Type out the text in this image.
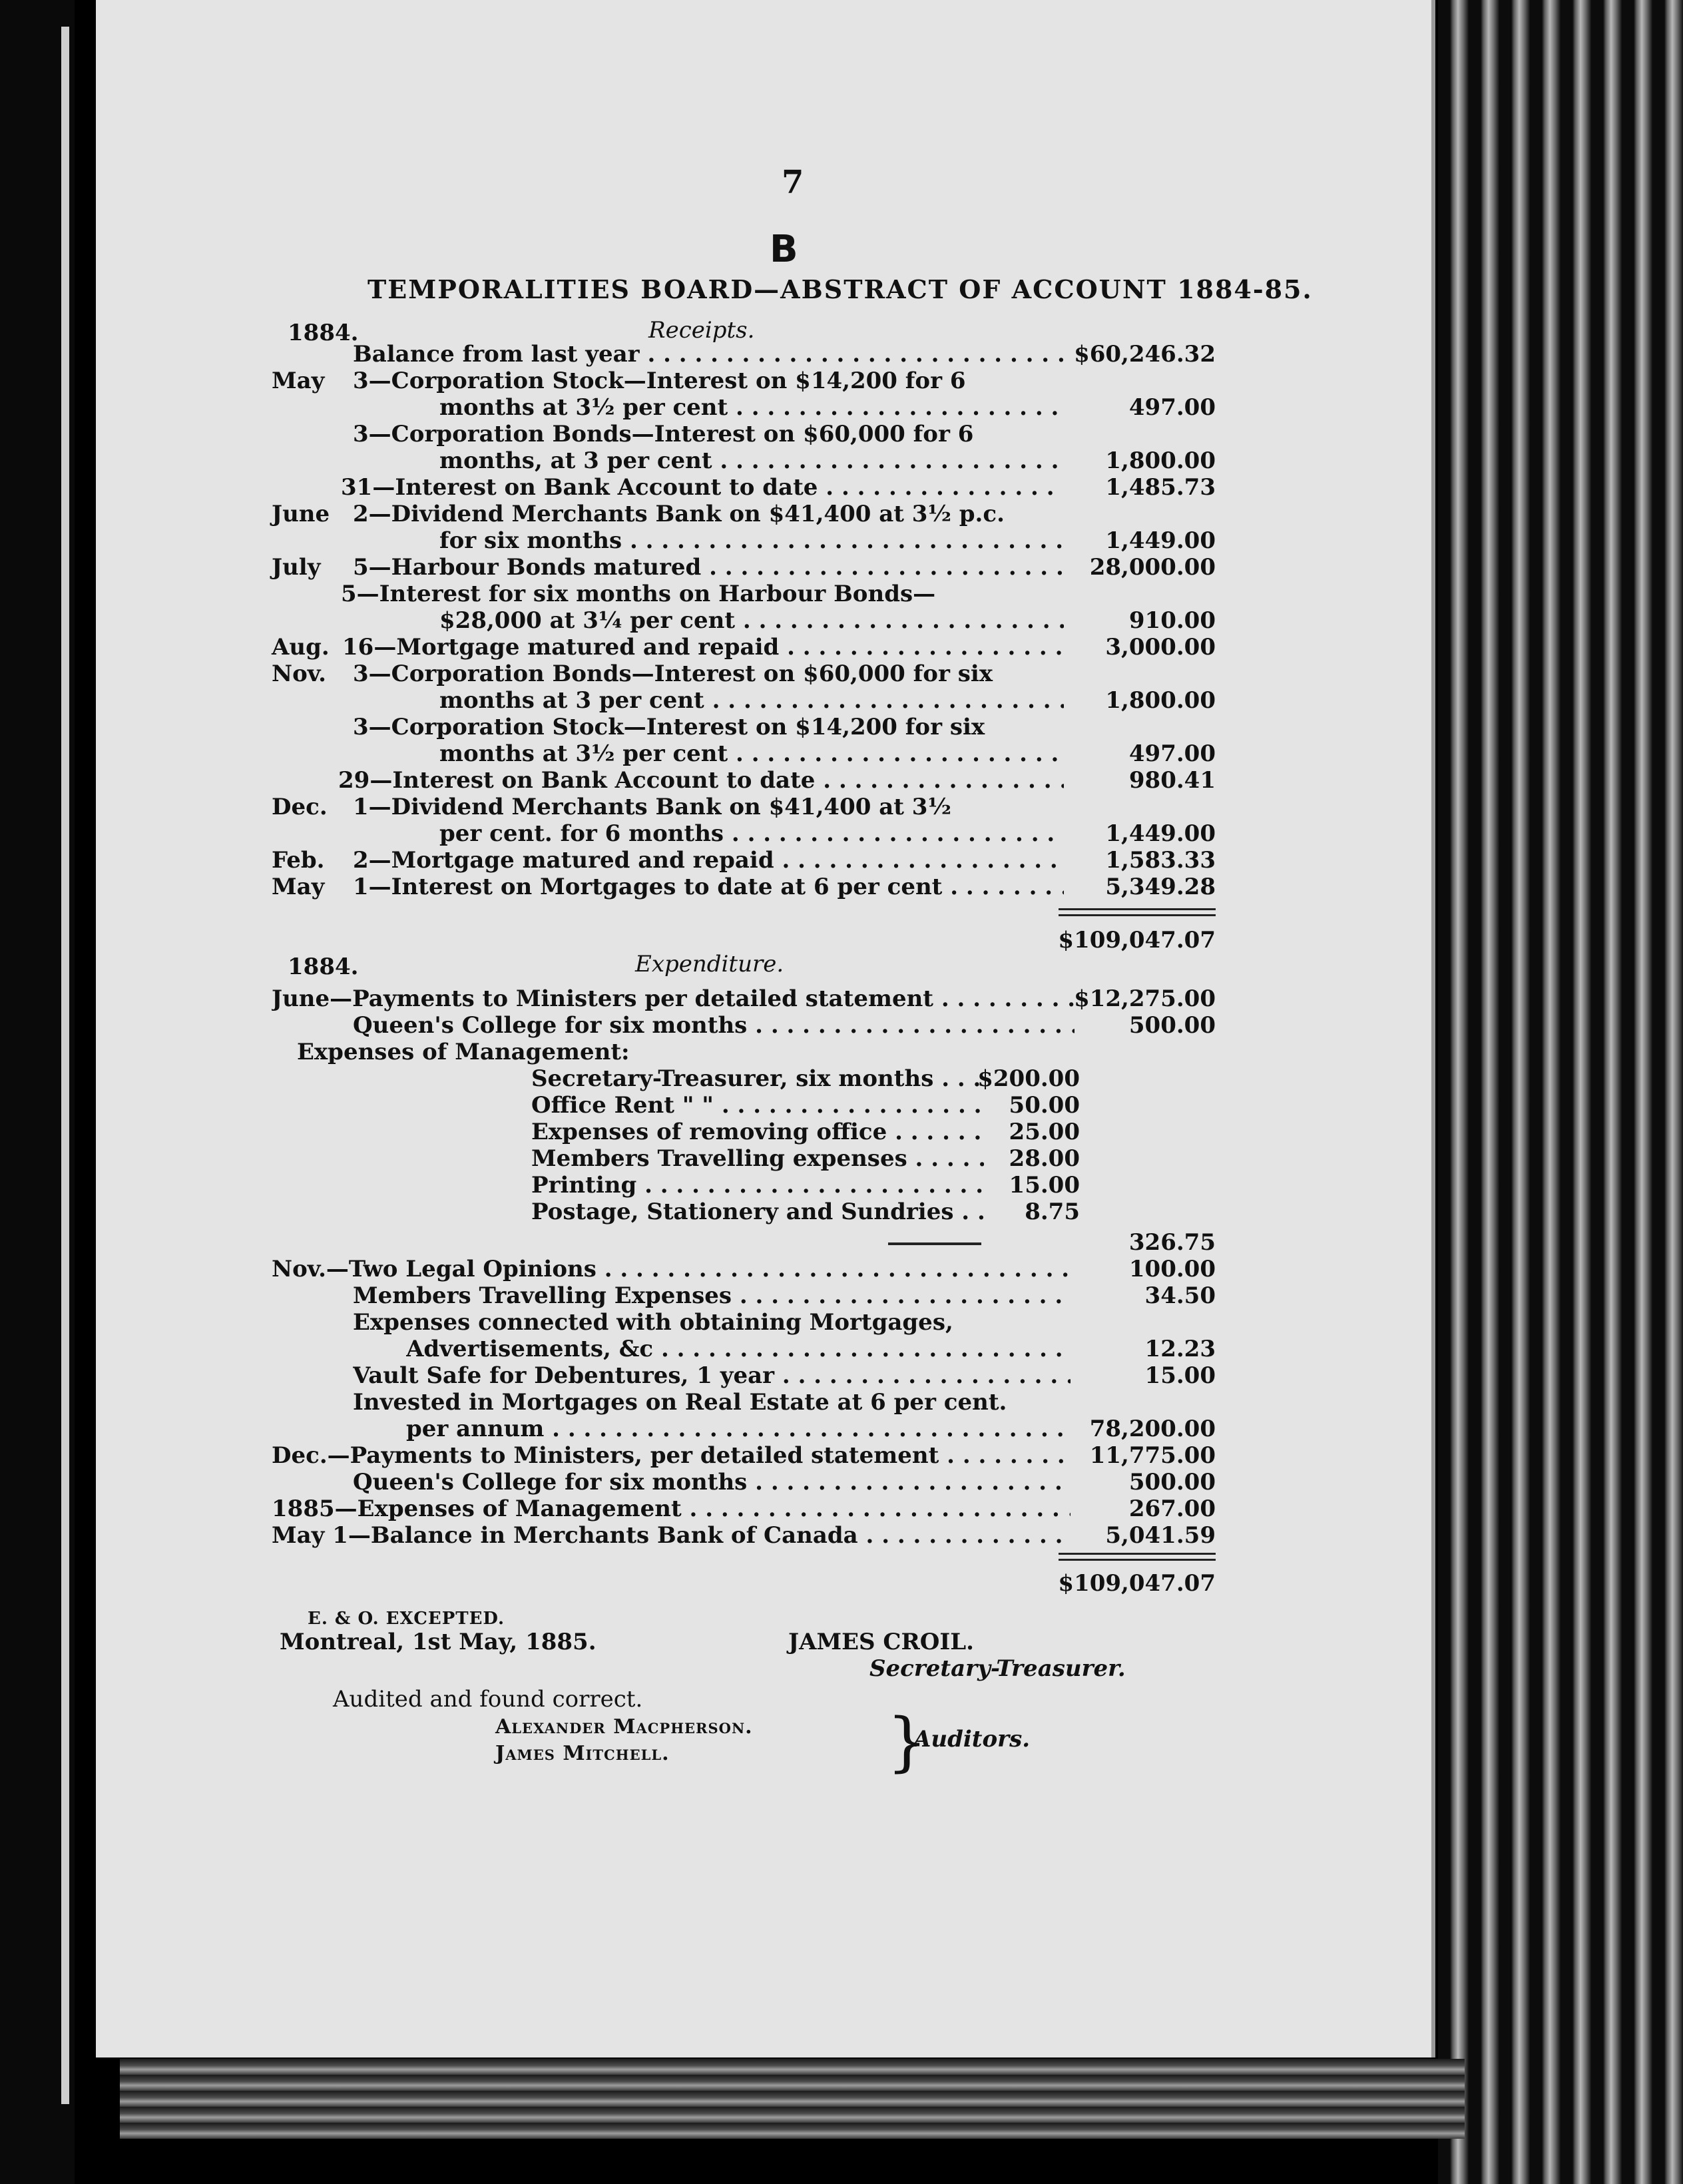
7
B
TEMPORALITIES BOARD—ABSTRACT OF ACCOUNT 1884-85.
1884.	Receipts.
Balance from last year . . .	$60,246.32
May	3—Corporation Stock—Interest on $14,200 for 6
months at 3½ per cent . . .	497.00
3—Corporation Bonds—Interest on $60,000 for 6
months, at 3 per cent . . .	1,800.00
31—Interest on Bank Account to date . . .	1,485.73
June	2—Dividend Merchants Bank on $41,400 at 3½ p.c.
for six months . . .	1,449.00
July	5—Harbour Bonds matured . . .	28,000.00
5—Interest for six months on Harbour Bonds—
$28,000 at 3¼ per cent . . .	910.00
Aug. 16—Mortgage matured and repaid . . .	3,000.00
Nov.	3—Corporation Bonds—Interest on $60,000 for six
months at 3 per cent . . .	1,800.00
3—Corporation Stock—Interest on $14,200 for six
months at 3½ per cent . . .	497.00
29—Interest on Bank Account to date . . .	980.41
Dec.	1—Dividend Merchants Bank on $41,400 at 3½
per cent. for 6 months . . .	1,449.00
Feb.	2—Mortgage matured and repaid . . .	1,583.33
May	1—Interest on Mortgages to date at 6 per cent . . .	5,349.28
$109,047.07
1884.	Expenditure.
June—Payments to Ministers per detailed statement . . .	$12,275.00
Queen's College for six months . . .	500.00
Expenses of Management:
Secretary-Treasurer, six months . . .	$200.00
Office Rent " " . . .	50.00
Expenses of removing office . . .	25.00
Members Travelling expenses . . .	28.00
Printing . . .	15.00
Postage, Stationery and Sundries . . .	8.75
326.75
Nov.—Two Legal Opinions . . .	100.00
Members Travelling Expenses . . .	34.50
Expenses connected with obtaining Mortgages,
Advertisements, &c . . .	12.23
Vault Safe for Debentures, 1 year . . .	15.00
Invested in Mortgages on Real Estate at 6 per cent.
per annum . . .	78,200.00
Dec.—Payments to Ministers, per detailed statement . . .	11,775.00
Queen's College for six months . . .	500.00
1885—Expenses of Management . . .	267.00
May 1—Balance in Merchants Bank of Canada . . .	5,041.59
$109,047.07
E. & O. EXCEPTED.
Montreal, 1st May, 1885.	JAMES CROIL.
Secretary-Treasurer.
Audited and found correct.
Alexander Macpherson.
James Mitchell.	}
Auditors.
